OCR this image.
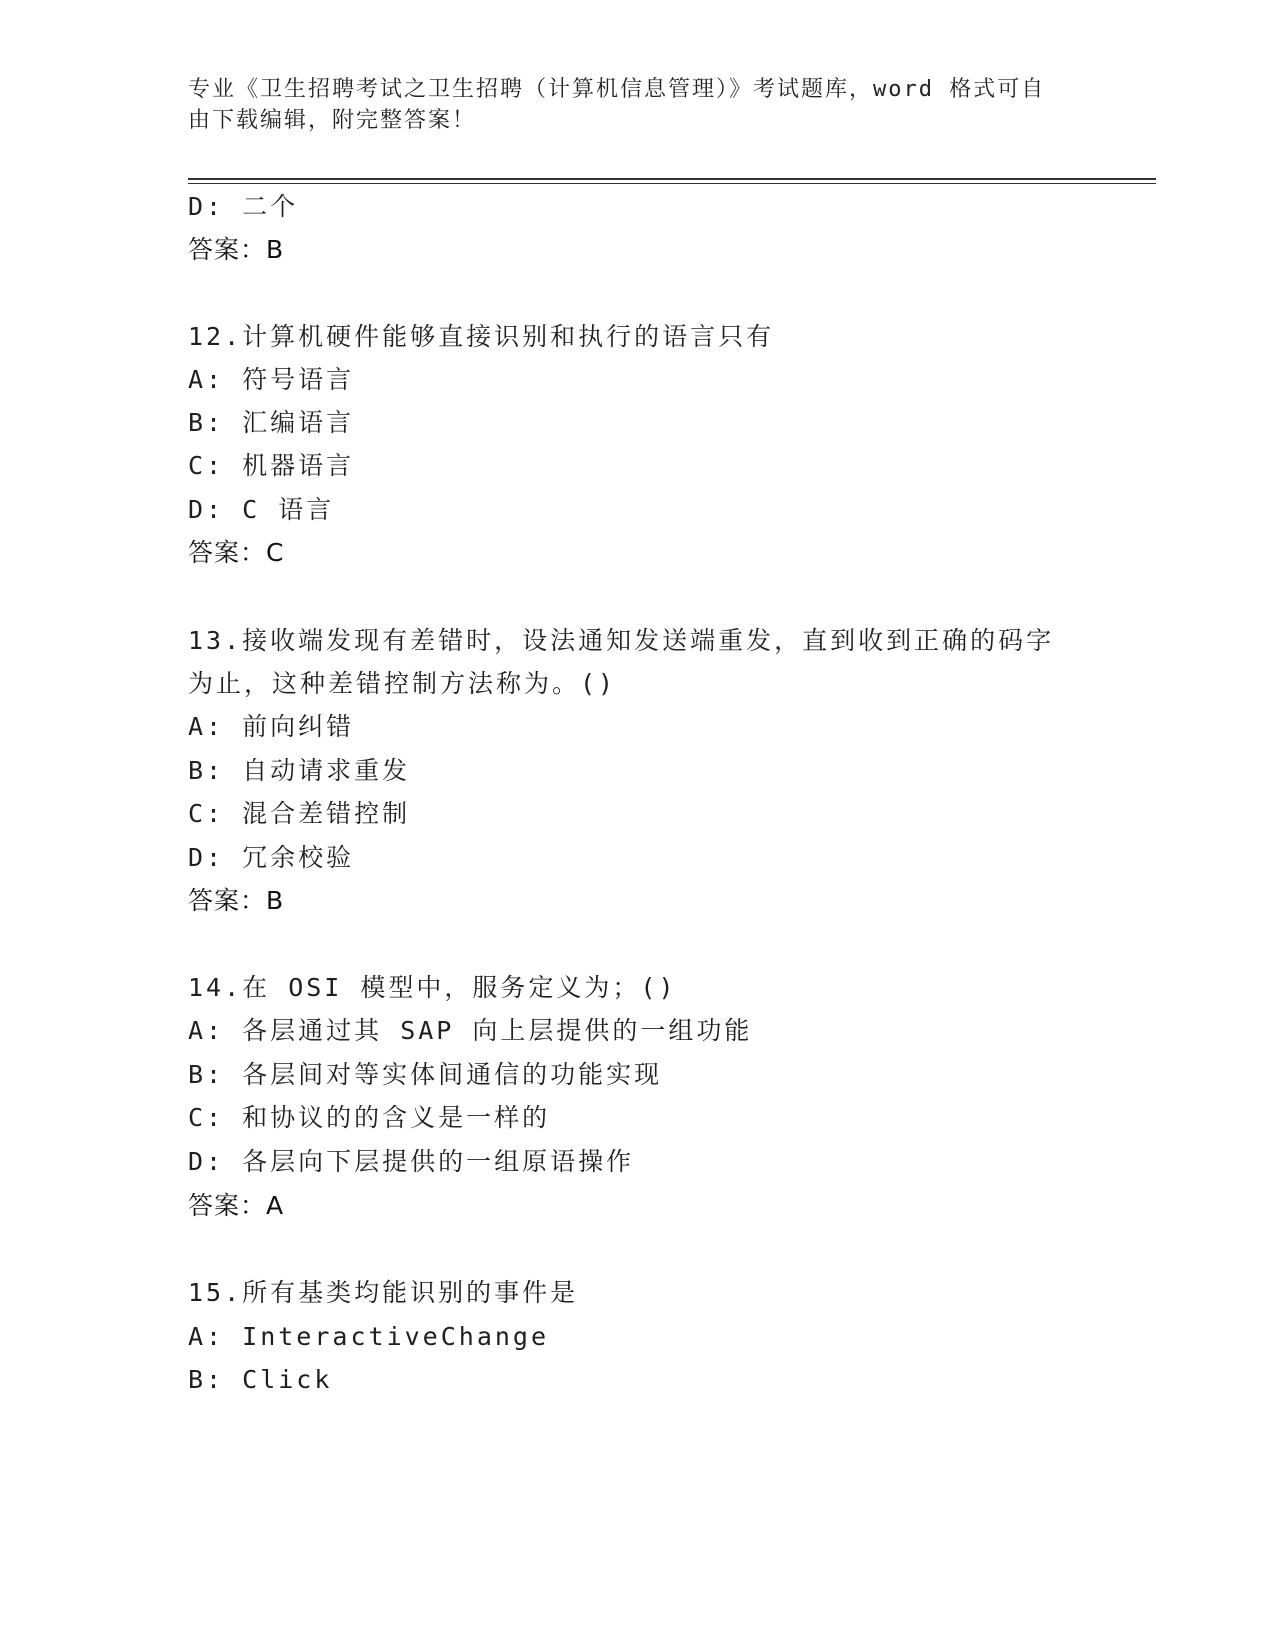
专业《卫生招聘考试之卫生招聘（计算机信息管理）》考试题库，word 格式可自
由下载编辑，附完整答案！
D: 二个
答案：B
12.计算机硬件能够直接识别和执行的语言只有
A: 符号语言
B: 汇编语言
C: 机器语言
D: C 语言
答案：C
13.接收端发现有差错时，设法通知发送端重发，直到收到正确的码字
为止，这种差错控制方法称为。()
A: 前向纠错
B: 自动请求重发
C: 混合差错控制
D: 冗余校验
答案：B
14.在 OSI 模型中，服务定义为；()
A: 各层通过其 SAP 向上层提供的一组功能
B: 各层间对等实体间通信的功能实现
C: 和协议的的含义是一样的
D: 各层向下层提供的一组原语操作
答案：A
15.所有基类均能识别的事件是
A: InteractiveChange
B: Click
